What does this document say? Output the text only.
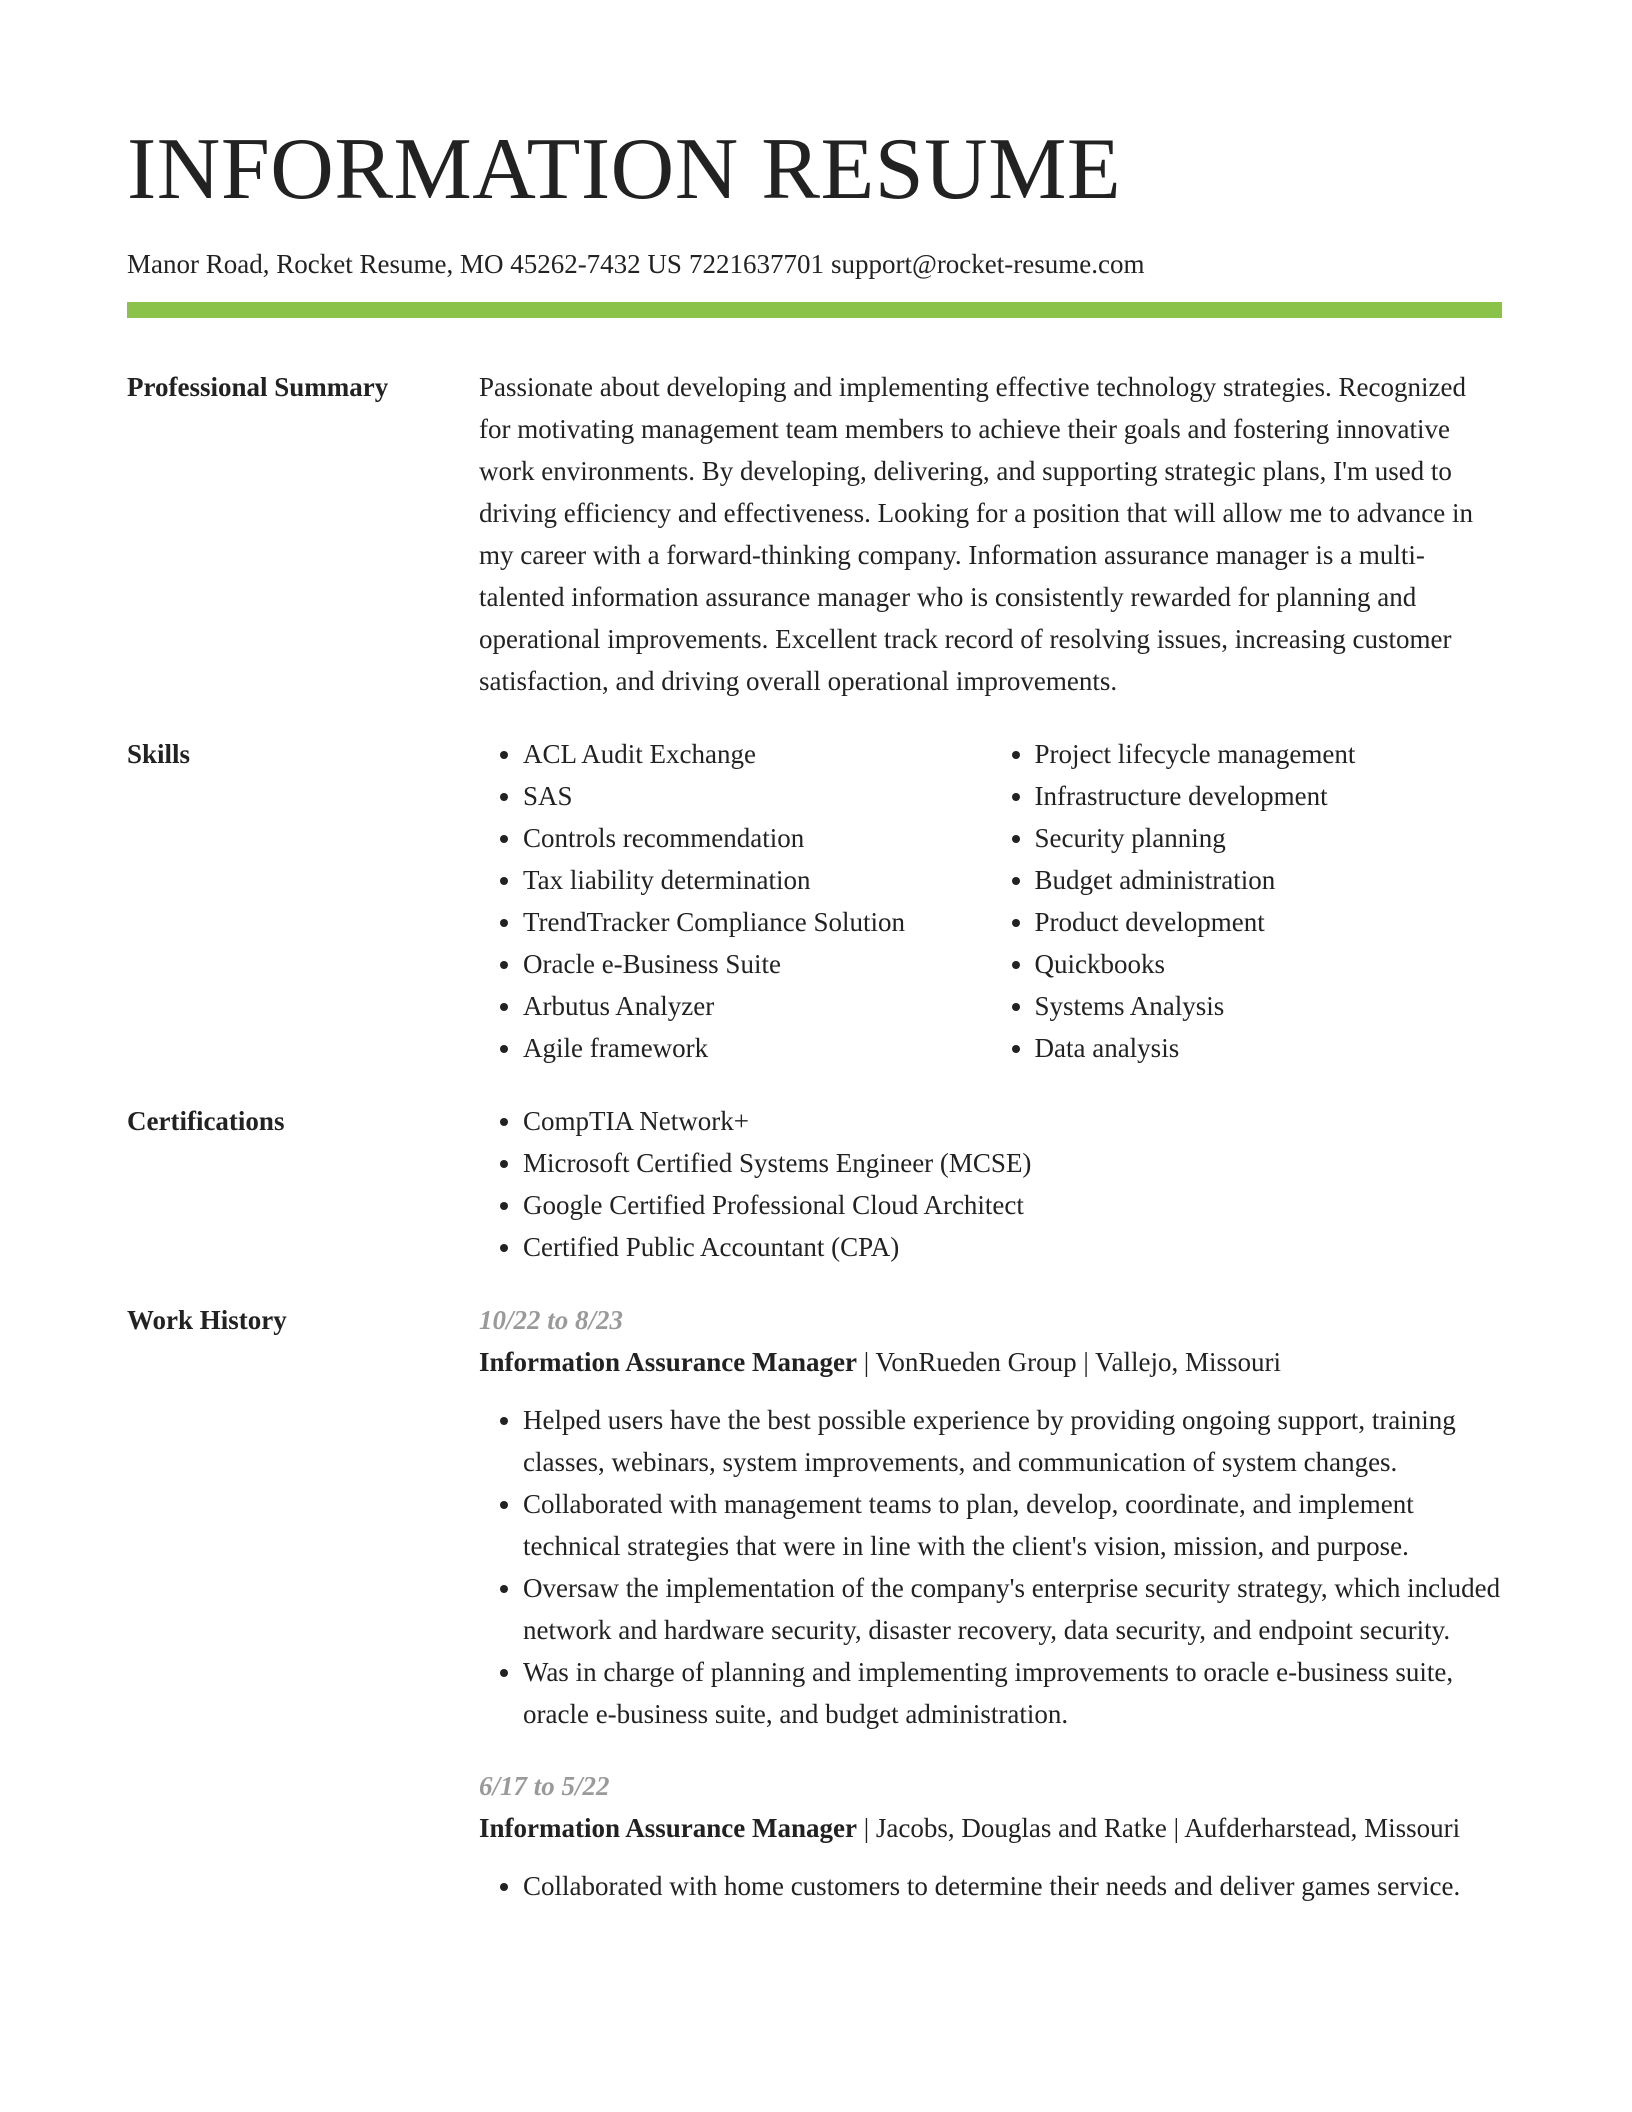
INFORMATION RESUME
Manor Road, Rocket Resume, MO 45262-7432 US 7221637701 support@rocket-resume.com
Professional Summary	Passionate about developing and implementing effective technology strategies. Recognized for motivating management team members to achieve their goals and fostering innovative work environments. By developing, delivering, and supporting strategic plans, I'm used to driving efficiency and effectiveness. Looking for a position that will allow me to advance in my career with a forward-thinking company. Information assurance manager is a multi-talented information assurance manager who is consistently rewarded for planning and operational improvements. Excellent track record of resolving issues, increasing customer satisfaction, and driving overall operational improvements.

Skills	• ACL Audit Exchange
• SAS
• Controls recommendation
• Tax liability determination
• TrendTracker Compliance Solution
• Oracle e-Business Suite
• Arbutus Analyzer
• Agile framework
• Project lifecycle management
• Infrastructure development
• Security planning
• Budget administration
• Product development
• Quickbooks
• Systems Analysis
• Data analysis
Certifications	• CompTIA Network+
• Microsoft Certified Systems Engineer (MCSE)
• Google Certified Professional Cloud Architect
• Certified Public Accountant (CPA)
Work History	10/22 to 8/23
Information Assurance Manager | VonRueden Group | Vallejo, Missouri
• Helped users have the best possible experience by providing ongoing support, training classes, webinars, system improvements, and communication of system changes.
• Collaborated with management teams to plan, develop, coordinate, and implement technical strategies that were in line with the client's vision, mission, and purpose.
• Oversaw the implementation of the company's enterprise security strategy, which included network and hardware security, disaster recovery, data security, and endpoint security.
• Was in charge of planning and implementing improvements to oracle e-business suite, oracle e-business suite, and budget administration.
6/17 to 5/22
Information Assurance Manager | Jacobs, Douglas and Ratke | Aufderharstead, Missouri
• Collaborated with home customers to determine their needs and deliver games service.
